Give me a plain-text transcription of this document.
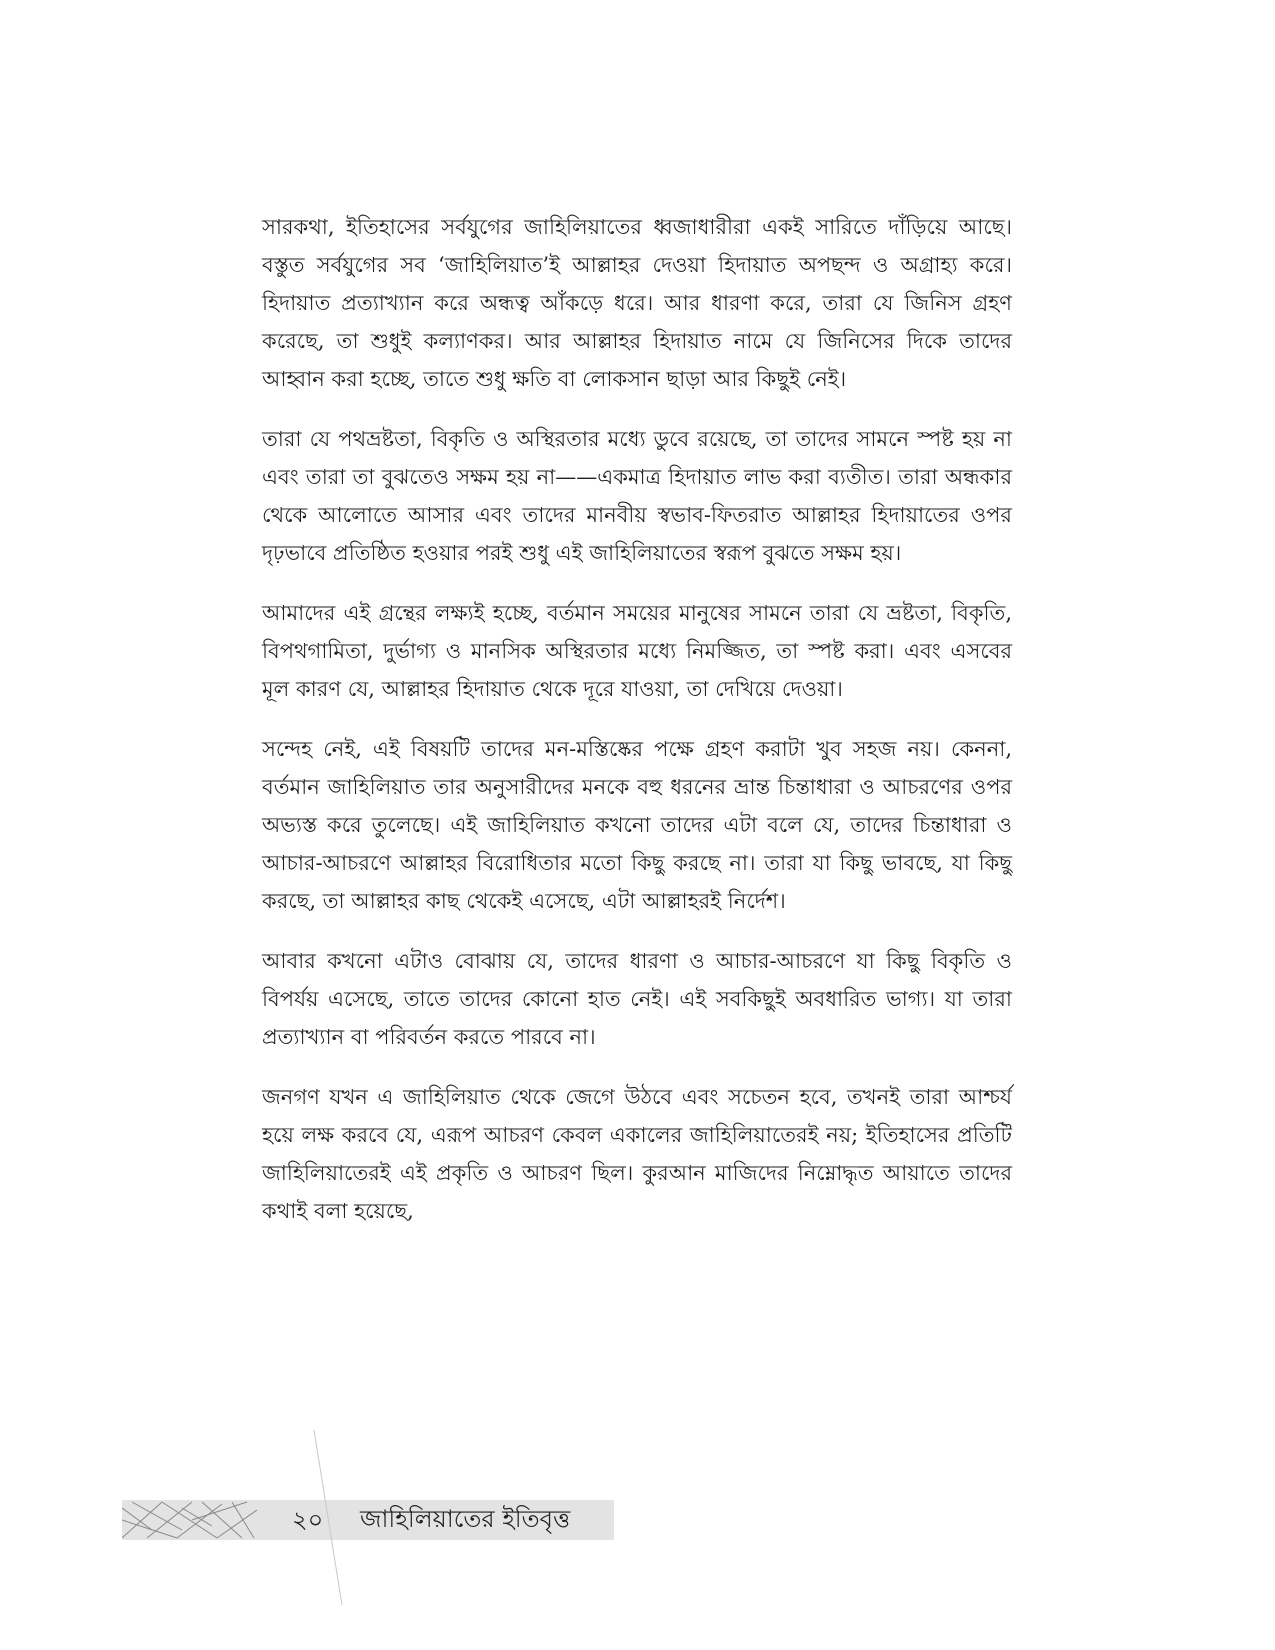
সারকথা, ইতিহাসের সর্বযুগের জাহিলিয়াতের ধ্বজাধারীরা একই সারিতে দাঁড়িয়ে আছে। বস্তুত সর্বযুগের সব ‘জাহিলিয়াত’ই আল্লাহর দেওয়া হিদায়াত অপছন্দ ও অগ্রাহ্য করে। হিদায়াত প্রত্যাখ্যান করে অন্ধত্ব আঁকড়ে ধরে। আর ধারণা করে, তারা যে জিনিস গ্রহণ করেছে, তা শুধুই কল্যাণকর। আর আল্লাহর হিদায়াত নামে যে জিনিসের দিকে তাদের আহ্বান করা হচ্ছে, তাতে শুধু ক্ষতি বা লোকসান ছাড়া আর কিছুই নেই।

তারা যে পথভ্রষ্টতা, বিকৃতি ও অস্থিরতার মধ্যে ডুবে রয়েছে, তা তাদের সামনে স্পষ্ট হয় না এবং তারা তা বুঝতেও সক্ষম হয় না——একমাত্র হিদায়াত লাভ করা ব্যতীত। তারা অন্ধকার থেকে আলোতে আসার এবং তাদের মানবীয় স্বভাব-ফিতরাত আল্লাহর হিদায়াতের ওপর দৃঢ়ভাবে প্রতিষ্ঠিত হওয়ার পরই শুধু এই জাহিলিয়াতের স্বরূপ বুঝতে সক্ষম হয়।

আমাদের এই গ্রন্থের লক্ষ্যই হচ্ছে, বর্তমান সময়ের মানুষের সামনে তারা যে ভ্রষ্টতা, বিকৃতি, বিপথগামিতা, দুর্ভাগ্য ও মানসিক অস্থিরতার মধ্যে নিমজ্জিত, তা স্পষ্ট করা। এবং এসবের মূল কারণ যে, আল্লাহর হিদায়াত থেকে দূরে যাওয়া, তা দেখিয়ে দেওয়া।

সন্দেহ নেই, এই বিষয়টি তাদের মন-মস্তিষ্কের পক্ষে গ্রহণ করাটা খুব সহজ নয়। কেননা, বর্তমান জাহিলিয়াত তার অনুসারীদের মনকে বহু ধরনের ভ্রান্ত চিন্তাধারা ও আচরণের ওপর অভ্যস্ত করে তুলেছে। এই জাহিলিয়াত কখনো তাদের এটা বলে যে, তাদের চিন্তাধারা ও আচার-আচরণে আল্লাহর বিরোধিতার মতো কিছু করছে না। তারা যা কিছু ভাবছে, যা কিছু করছে, তা আল্লাহর কাছ থেকেই এসেছে, এটা আল্লাহরই নির্দেশ।

আবার কখনো এটাও বোঝায় যে, তাদের ধারণা ও আচার-আচরণে যা কিছু বিকৃতি ও বিপর্যয় এসেছে, তাতে তাদের কোনো হাত নেই। এই সবকিছুই অবধারিত ভাগ্য। যা তারা প্রত্যাখ্যান বা পরিবর্তন করতে পারবে না।

জনগণ যখন এ জাহিলিয়াত থেকে জেগে উঠবে এবং সচেতন হবে, তখনই তারা আশ্চর্য হয়ে লক্ষ করবে যে, এরূপ আচরণ কেবল একালের জাহিলিয়াতেরই নয়; ইতিহাসের প্রতিটি জাহিলিয়াতেরই এই প্রকৃতি ও আচরণ ছিল। কুরআন মাজিদের নিম্নোদ্ধৃত আয়াতে তাদের কথাই বলা হয়েছে,

২০ জাহিলিয়াতের ইতিবৃত্ত
